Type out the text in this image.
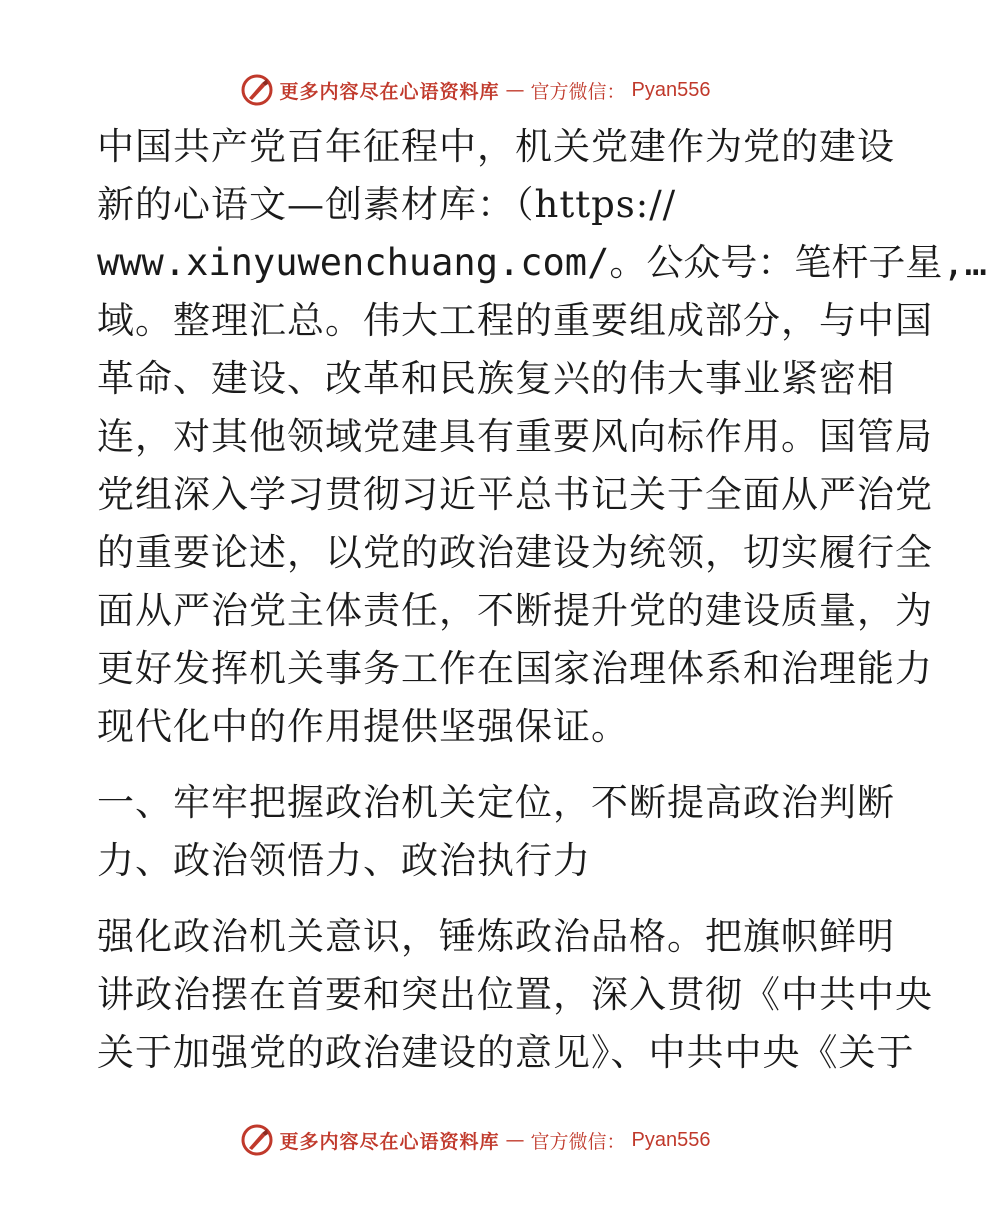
更多内容尽在心语资料库 — 官方微信： Pyan556
中国共产党百年征程中，机关党建作为党的建设
新的心语文—创素材库：（https://
www.xinyuwenchuang.com/。公众号：笔杆子星,…
域。整理汇总。伟大工程的重要组成部分，与中国
革命、建设、改革和民族复兴的伟大事业紧密相
连，对其他领域党建具有重要风向标作用。国管局
党组深入学习贯彻习近平总书记关于全面从严治党
的重要论述，以党的政治建设为统领，切实履行全
面从严治党主体责任，不断提升党的建设质量，为
更好发挥机关事务工作在国家治理体系和治理能力
现代化中的作用提供坚强保证。
一、牢牢把握政治机关定位，不断提高政治判断
力、政治领悟力、政治执行力
强化政治机关意识，锤炼政治品格。把旗帜鲜明
讲政治摆在首要和突出位置，深入贯彻《中共中央
关于加强党的政治建设的意见》、中共中央《关于
更多内容尽在心语资料库 — 官方微信： Pyan556
